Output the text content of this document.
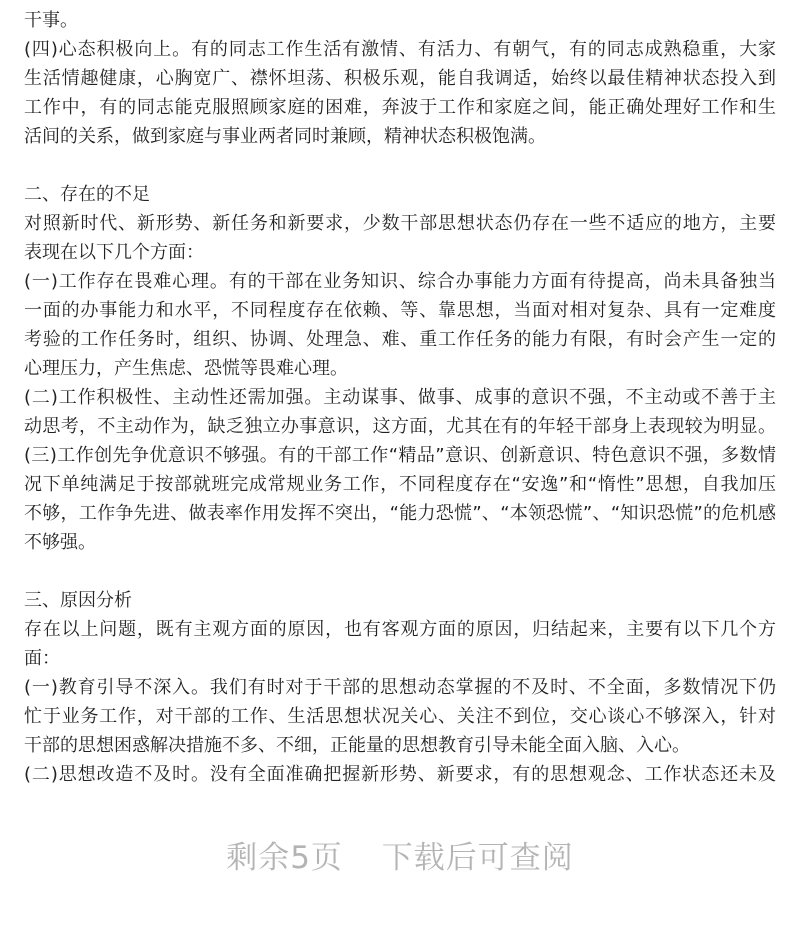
干事。
(四)心态积极向上。有的同志工作生活有激情、有活力、有朝气，有的同志成熟稳重，大家
生活情趣健康，心胸宽广、襟怀坦荡、积极乐观，能自我调适，始终以最佳精神状态投入到
工作中，有的同志能克服照顾家庭的困难，奔波于工作和家庭之间，能正确处理好工作和生
活间的关系，做到家庭与事业两者同时兼顾，精神状态积极饱满。
二、存在的不足
对照新时代、新形势、新任务和新要求，少数干部思想状态仍存在一些不适应的地方，主要
表现在以下几个方面：
(一)工作存在畏难心理。有的干部在业务知识、综合办事能力方面有待提高，尚未具备独当
一面的办事能力和水平，不同程度存在依赖、等、靠思想，当面对相对复杂、具有一定难度
考验的工作任务时，组织、协调、处理急、难、重工作任务的能力有限，有时会产生一定的
心理压力，产生焦虑、恐慌等畏难心理。
(二)工作积极性、主动性还需加强。主动谋事、做事、成事的意识不强，不主动或不善于主
动思考，不主动作为，缺乏独立办事意识，这方面，尤其在有的年轻干部身上表现较为明显。
(三)工作创先争优意识不够强。有的干部工作“精品”意识、创新意识、特色意识不强，多数情
况下单纯满足于按部就班完成常规业务工作，不同程度存在“安逸”和“惰性”思想，自我加压
不够，工作争先进、做表率作用发挥不突出，“能力恐慌”、“本领恐慌”、“知识恐慌”的危机感
不够强。
三、原因分析
存在以上问题，既有主观方面的原因，也有客观方面的原因，归结起来，主要有以下几个方
面：
(一)教育引导不深入。我们有时对于干部的思想动态掌握的不及时、不全面，多数情况下仍
忙于业务工作，对干部的工作、生活思想状况关心、关注不到位，交心谈心不够深入，针对
干部的思想困惑解决措施不多、不细，正能量的思想教育引导未能全面入脑、入心。
(二)思想改造不及时。没有全面准确把握新形势、新要求，有的思想观念、工作状态还未及
剩余5页 下载后可查阅
